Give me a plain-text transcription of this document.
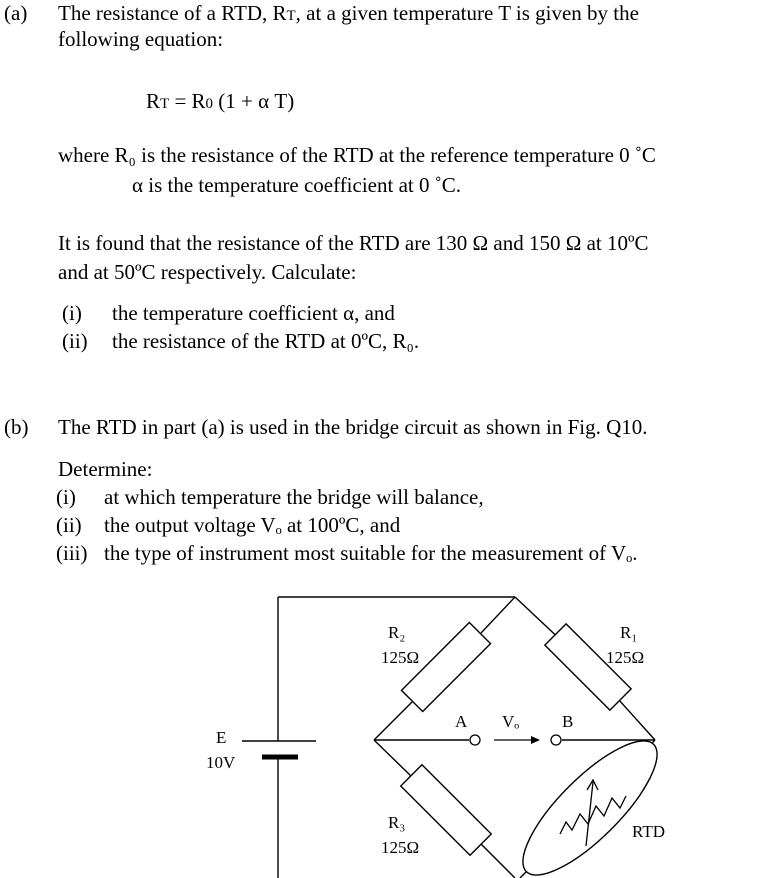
(a) The resistance of a RTD, RT, at a given temperature T is given by the
following equation:
RT = R0 (1 + α T)
where R₀ is the resistance of the RTD at the reference temperature 0 ˚C
α is the temperature coefficient at 0 ˚C.
It is found that the resistance of the RTD are 130 Ω and 150 Ω at 10ºC
and at 50ºC respectively. Calculate:
(i) the temperature coefficient α, and
(ii) the resistance of the RTD at 0ºC, R₀.
(b) The RTD in part (a) is used in the bridge circuit as shown in Fig. Q10.
Determine:
(i) at which temperature the bridge will balance,
(ii) the output voltage Vₒ at 100ºC, and
(iii) the type of instrument most suitable for the measurement of Vₒ.
E
10V
R₂
125Ω
R₁
125Ω
R₃
125Ω
A	B
Vₒ
RTD
